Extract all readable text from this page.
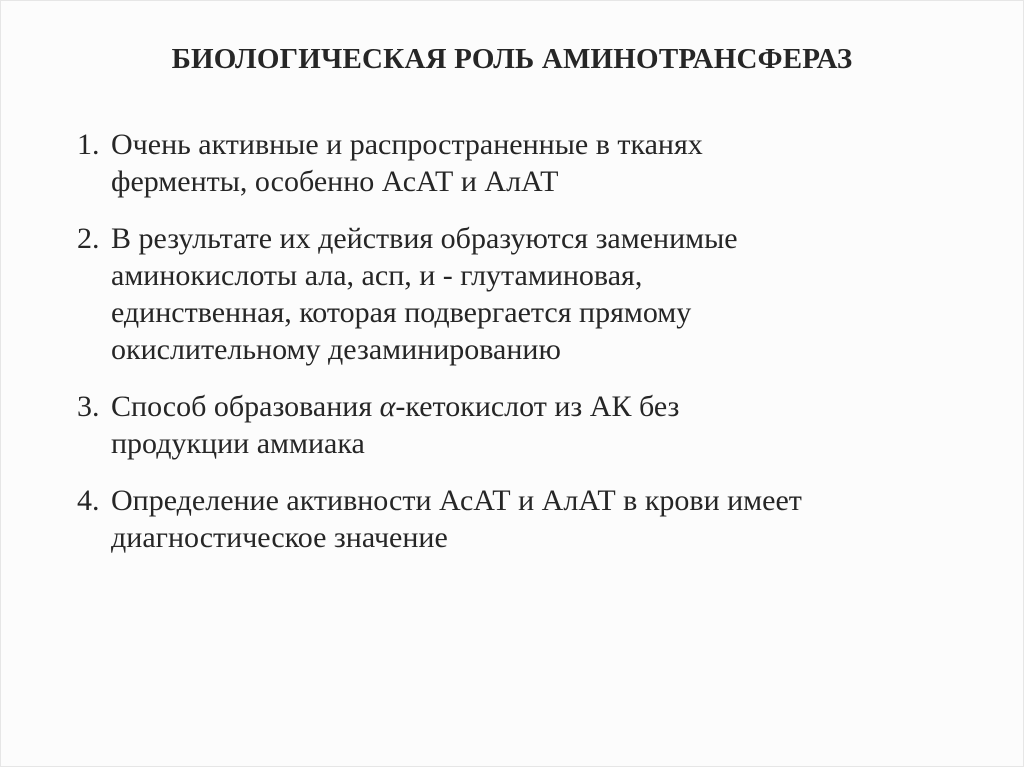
БИОЛОГИЧЕСКАЯ РОЛЬ АМИНОТРАНСФЕРАЗ
1. Очень активные и распространенные в тканях
ферменты, особенно АсАТ и АлАТ
2. В результате их действия образуются заменимые
аминокислоты ала, асп, и - глутаминовая,
единственная, которая подвергается прямому
окислительному дезаминированию
3. Способ образования α-кетокислот из АК без
продукции аммиака
4. Определение активности АсАТ и АлАТ в крови имеет
диагностическое значение
